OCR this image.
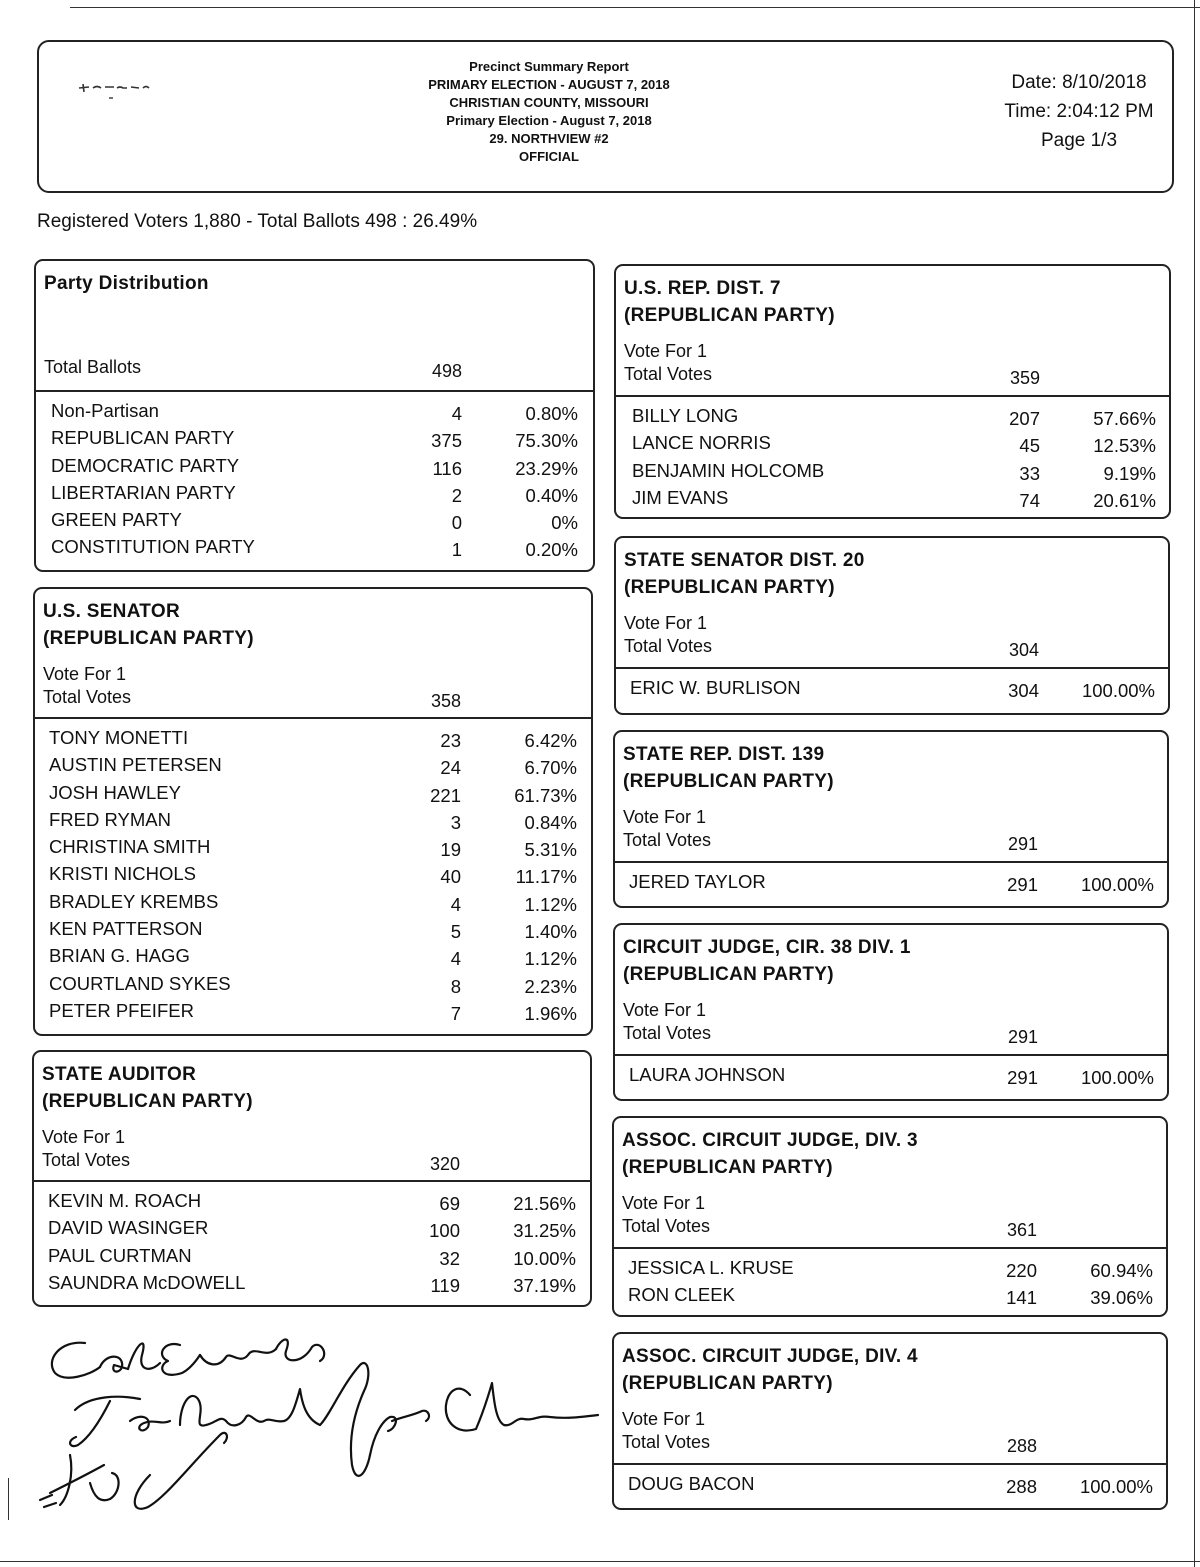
Precinct Summary Report
PRIMARY ELECTION - AUGUST 7, 2018
CHRISTIAN COUNTY, MISSOURI
Primary Election - August 7, 2018
29. NORTHVIEW #2
OFFICIAL
Date: 8/10/2018
Time: 2:04:12 PM
Page 1/3
Registered Voters 1,880 - Total Ballots 498 : 26.49%
Party Distribution
Total Ballots	498
Non-Partisan	4	0.80%
REPUBLICAN PARTY	375	75.30%
DEMOCRATIC PARTY	116	23.29%
LIBERTARIAN PARTY	2	0.40%
GREEN PARTY	0	0%
CONSTITUTION PARTY	1	0.20%
U.S. SENATOR
(REPUBLICAN PARTY)
Vote For 1
Total Votes	358
TONY MONETTI	23	6.42%
AUSTIN PETERSEN	24	6.70%
JOSH HAWLEY	221	61.73%
FRED RYMAN	3	0.84%
CHRISTINA SMITH	19	5.31%
KRISTI NICHOLS	40	11.17%
BRADLEY KREMBS	4	1.12%
KEN PATTERSON	5	1.40%
BRIAN G. HAGG	4	1.12%
COURTLAND SYKES	8	2.23%
PETER PFEIFER	7	1.96%
STATE AUDITOR
(REPUBLICAN PARTY)
Vote For 1
Total Votes	320
KEVIN M. ROACH	69	21.56%
DAVID WASINGER	100	31.25%
PAUL CURTMAN	32	10.00%
SAUNDRA McDOWELL	119	37.19%
U.S. REP. DIST. 7
(REPUBLICAN PARTY)
Vote For 1
Total Votes	359
BILLY LONG	207	57.66%
LANCE NORRIS	45	12.53%
BENJAMIN HOLCOMB	33	9.19%
JIM EVANS	74	20.61%
STATE SENATOR DIST. 20
(REPUBLICAN PARTY)
Vote For 1
Total Votes	304
ERIC W. BURLISON	304	100.00%
STATE REP. DIST. 139
(REPUBLICAN PARTY)
Vote For 1
Total Votes	291
JERED TAYLOR	291	100.00%
CIRCUIT JUDGE, CIR. 38 DIV. 1
(REPUBLICAN PARTY)
Vote For 1
Total Votes	291
LAURA JOHNSON	291	100.00%
ASSOC. CIRCUIT JUDGE, DIV. 3
(REPUBLICAN PARTY)
Vote For 1
Total Votes	361
JESSICA L. KRUSE	220	60.94%
RON CLEEK	141	39.06%
ASSOC. CIRCUIT JUDGE, DIV. 4
(REPUBLICAN PARTY)
Vote For 1
Total Votes	288
DOUG BACON	288	100.00%
